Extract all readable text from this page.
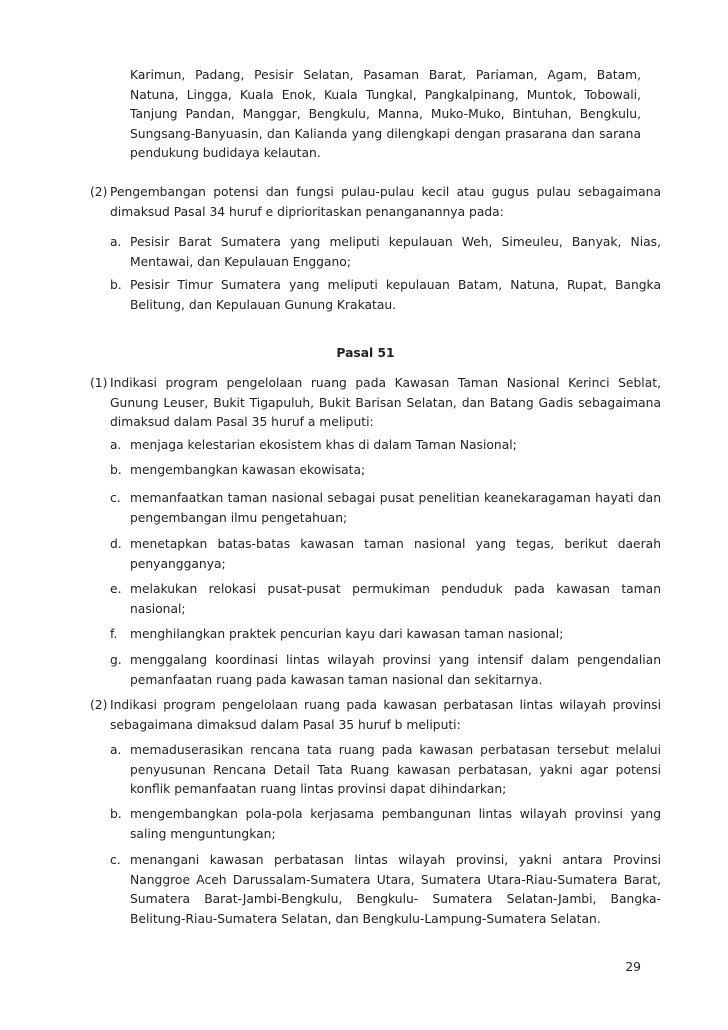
Karimun, Padang, Pesisir Selatan, Pasaman Barat, Pariaman, Agam, Batam, Natuna, Lingga, Kuala Enok, Kuala Tungkal, Pangkalpinang, Muntok, Tobowali, Tanjung Pandan, Manggar, Bengkulu, Manna, Muko-Muko, Bintuhan, Bengkulu, Sungsang-Banyuasin, dan Kalianda yang dilengkapi dengan prasarana dan sarana pendukung budidaya kelautan.

(2) Pengembangan potensi dan fungsi pulau-pulau kecil atau gugus pulau sebagaimana dimaksud Pasal 34 huruf e diprioritaskan penanganannya pada:

a. Pesisir Barat Sumatera yang meliputi kepulauan Weh, Simeuleu, Banyak, Nias, Mentawai, dan Kepulauan Enggano;

b. Pesisir Timur Sumatera yang meliputi kepulauan Batam, Natuna, Rupat, Bangka Belitung, dan Kepulauan Gunung Krakatau.

Pasal 51

(1) Indikasi program pengelolaan ruang pada Kawasan Taman Nasional Kerinci Seblat, Gunung Leuser, Bukit Tigapuluh, Bukit Barisan Selatan, dan Batang Gadis sebagaimana dimaksud dalam Pasal 35 huruf a meliputi:

a. menjaga kelestarian ekosistem khas di dalam Taman Nasional;

b. mengembangkan kawasan ekowisata;

c. memanfaatkan taman nasional sebagai pusat penelitian keanekaragaman hayati dan pengembangan ilmu pengetahuan;

d. menetapkan batas-batas kawasan taman nasional yang tegas, berikut daerah penyangganya;

e. melakukan relokasi pusat-pusat permukiman penduduk pada kawasan taman nasional;

f. menghilangkan praktek pencurian kayu dari kawasan taman nasional;

g. menggalang koordinasi lintas wilayah provinsi yang intensif dalam pengendalian pemanfaatan ruang pada kawasan taman nasional dan sekitarnya.

(2) Indikasi program pengelolaan ruang pada kawasan perbatasan lintas wilayah provinsi sebagaimana dimaksud dalam Pasal 35 huruf b meliputi:

a. memaduserasikan rencana tata ruang pada kawasan perbatasan tersebut melalui penyusunan Rencana Detail Tata Ruang kawasan perbatasan, yakni agar potensi konflik pemanfaatan ruang lintas provinsi dapat dihindarkan;

b. mengembangkan pola-pola kerjasama pembangunan lintas wilayah provinsi yang saling menguntungkan;

c. menangani kawasan perbatasan lintas wilayah provinsi, yakni antara Provinsi Nanggroe Aceh Darussalam-Sumatera Utara, Sumatera Utara-Riau-Sumatera Barat, Sumatera Barat-Jambi-Bengkulu, Bengkulu- Sumatera Selatan-Jambi, Bangka-Belitung-Riau-Sumatera Selatan, dan Bengkulu-Lampung-Sumatera Selatan.

29
